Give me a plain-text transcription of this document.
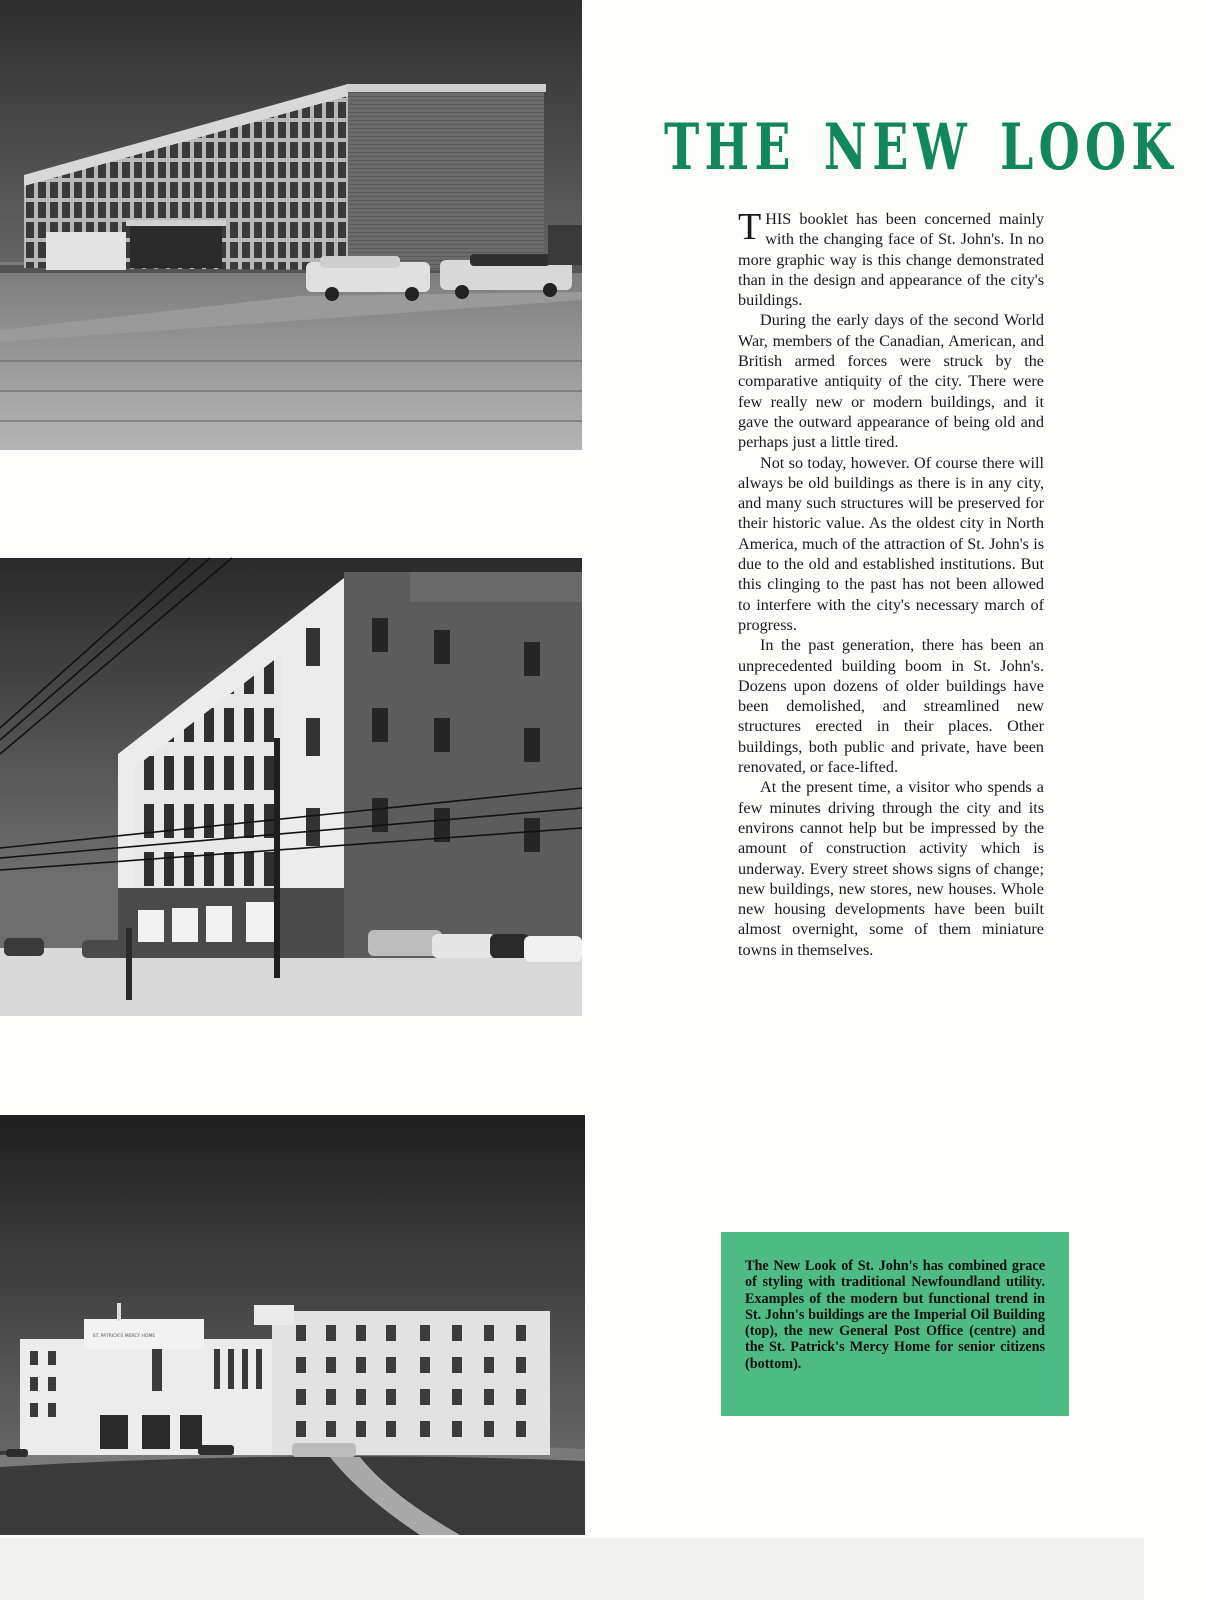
ST. PATRICK'S MERCY HOME
THE NEW LOOK

THIS booklet has been concerned mainly with the changing face of St. John's. In no more graphic way is this change demonstrated than in the design and appearance of the city's buildings.

During the early days of the second World War, members of the Canadian, American, and British armed forces were struck by the comparative antiquity of the city. There were few really new or modern buildings, and it gave the outward appearance of being old and perhaps just a little tired.

Not so today, however. Of course there will always be old buildings as there is in any city, and many such structures will be preserved for their historic value. As the oldest city in North America, much of the attraction of St. John's is due to the old and established institutions. But this clinging to the past has not been allowed to interfere with the city's necessary march of progress.

In the past generation, there has been an unprecedented building boom in St. John's. Dozens upon dozens of older buildings have been demolished, and streamlined new structures erected in their places. Other buildings, both public and private, have been renovated, or face-lifted.

At the present time, a visitor who spends a few minutes driving through the city and its environs cannot help but be impressed by the amount of construction activity which is underway. Every street shows signs of change; new buildings, new stores, new houses. Whole new housing developments have been built almost overnight, some of them miniature towns in themselves.

The New Look of St. John's has combined grace of styling with traditional Newfoundland utility. Examples of the modern but functional trend in St. John's buildings are the Imperial Oil Building (top), the new General Post Office (centre) and the St. Patrick's Mercy Home for senior citizens (bottom).
